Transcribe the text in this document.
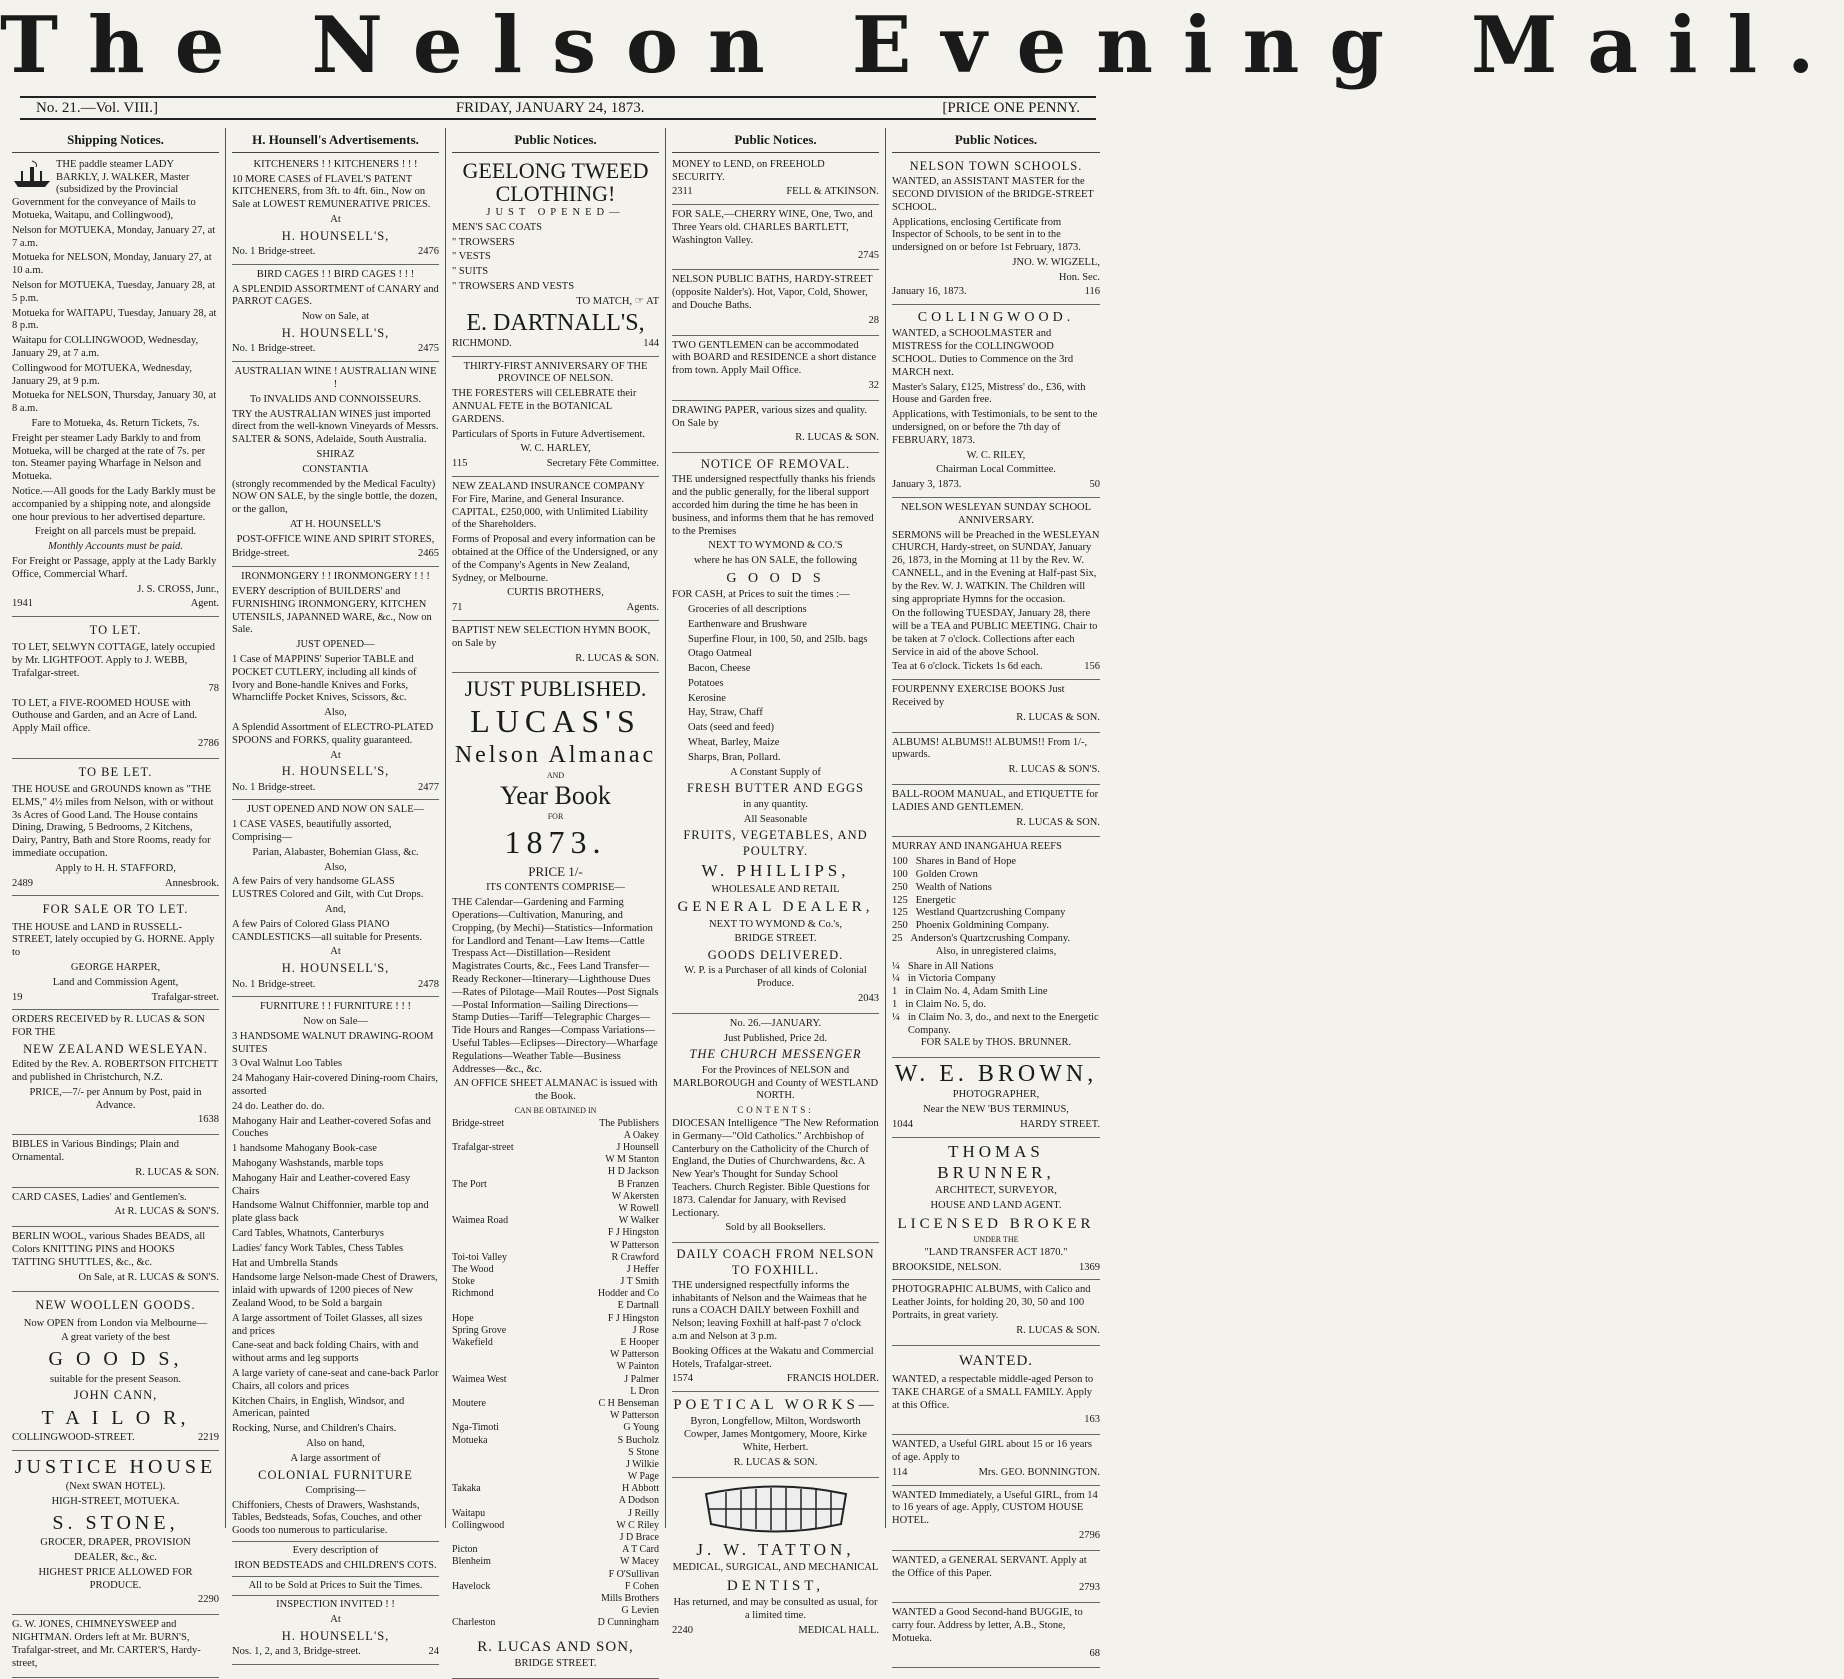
The Nelson Evening Mail.
No. 21.—Vol. VIII.]	FRIDAY, JANUARY 24, 1873.	[PRICE ONE PENNY.
Shipping Notices.

THE paddle steamer LADY BARKLY, J. WALKER, Master (subsidized by the Provincial Government for the conveyance of Mails to Motueka, Waitapu, and Collingwood),

Nelson for MOTUEKA, Monday, January 27, at 7 a.m.

Motueka for NELSON, Monday, January 27, at 10 a.m.

Nelson for MOTUEKA, Tuesday, January 28, at 5 p.m.

Motueka for WAITAPU, Tuesday, January 28, at 8 p.m.

Waitapu for COLLINGWOOD, Wednesday, January 29, at 7 a.m.

Collingwood for MOTUEKA, Wednesday, January 29, at 9 p.m.

Motueka for NELSON, Thursday, January 30, at 8 a.m.

Fare to Motueka, 4s. Return Tickets, 7s.

Freight per steamer Lady Barkly to and from Motueka, will be charged at the rate of 7s. per ton. Steamer paying Wharfage in Nelson and Motueka.

Notice.—All goods for the Lady Barkly must be accompanied by a shipping note, and alongside one hour previous to her advertised departure.

Freight on all parcels must be prepaid.

Monthly Accounts must be paid.

For Freight or Passage, apply at the Lady Barkly Office, Commercial Wharf.

J. S. CROSS, Junr.,

1941	Agent.
TO LET.

TO LET, SELWYN COTTAGE, lately occupied by Mr. LIGHTFOOT. Apply to J. WEBB, Trafalgar-street.

78

TO LET, a FIVE-ROOMED HOUSE with Outhouse and Garden, and an Acre of Land. Apply Mail office.

2786

TO BE LET.

THE HOUSE and GROUNDS known as "THE ELMS," 4½ miles from Nelson, with or without 3s Acres of Good Land. The House contains Dining, Drawing, 5 Bedrooms, 2 Kitchens, Dairy, Pantry, Bath and Store Rooms, ready for immediate occupation.

Apply to H. H. STAFFORD,

2489	Annesbrook.
FOR SALE OR TO LET.

THE HOUSE and LAND in RUSSELL-STREET, lately occupied by G. HORNE. Apply to

GEORGE HARPER,

Land and Commission Agent,

19	Trafalgar-street.

ORDERS RECEIVED by R. LUCAS & SON FOR THE

NEW ZEALAND WESLEYAN.

Edited by the Rev. A. ROBERTSON FITCHETT and published in Christchurch, N.Z.

PRICE,—7/- per Annum by Post, paid in Advance.

1638

BIBLES in Various Bindings; Plain and Ornamental.

R. LUCAS & SON.

CARD CASES, Ladies' and Gentlemen's.

At R. LUCAS & SON'S.

BERLIN WOOL, various Shades BEADS, all Colors KNITTING PINS and HOOKS TATTING SHUTTLES, &c., &c.

On Sale, at R. LUCAS & SON'S.

NEW WOOLLEN GOODS.

Now OPEN from London via Melbourne—

A great variety of the best

G O O D S,

suitable for the present Season.

JOHN CANN,

T A I L O R,

COLLINGWOOD-STREET.	2219

JUSTICE HOUSE

(Next SWAN HOTEL).

HIGH-STREET, MOTUEKA.

S. STONE,

GROCER, DRAPER, PROVISION

DEALER, &c., &c.

HIGHEST PRICE ALLOWED FOR PRODUCE.

2290

G. W. JONES, CHIMNEYSWEEP and NIGHTMAN. Orders left at Mr. BURN'S, Trafalgar-street, and Mr. CARTER'S, Hardy-street,

H. Hounsell's Advertisements.

KITCHENERS ! ! KITCHENERS ! ! !

10 MORE CASES of FLAVEL'S PATENT KITCHENERS, from 3ft. to 4ft. 6in., Now on Sale at LOWEST REMUNERATIVE PRICES.

At

H. HOUNSELL'S,

No. 1 Bridge-street.	2476

BIRD CAGES ! ! BIRD CAGES ! ! !

A SPLENDID ASSORTMENT of CANARY and PARROT CAGES.

Now on Sale, at

H. HOUNSELL'S,

No. 1 Bridge-street.	2475

AUSTRALIAN WINE ! AUSTRALIAN WINE !

To INVALIDS AND CONNOISSEURS.

TRY the AUSTRALIAN WINES just imported direct from the well-known Vineyards of Messrs. SALTER & SONS, Adelaide, South Australia.

SHIRAZ

CONSTANTIA

(strongly recommended by the Medical Faculty) NOW ON SALE, by the single bottle, the dozen, or the gallon,

AT H. HOUNSELL'S

POST-OFFICE WINE AND SPIRIT STORES,

Bridge-street.	2465

IRONMONGERY ! ! IRONMONGERY ! ! !

EVERY description of BUILDERS' and FURNISHING IRONMONGERY, KITCHEN UTENSILS, JAPANNED WARE, &c., Now on Sale.

JUST OPENED—

1 Case of MAPPINS' Superior TABLE and POCKET CUTLERY, including all kinds of Ivory and Bone-handle Knives and Forks, Wharncliffe Pocket Knives, Scissors, &c.

Also,

A Splendid Assortment of ELECTRO-PLATED SPOONS and FORKS, quality guaranteed.

At

H. HOUNSELL'S,

No. 1 Bridge-street.	2477

JUST OPENED AND NOW ON SALE—

1 CASE VASES, beautifully assorted, Comprising—

Parian, Alabaster, Bohemian Glass, &c.

Also,

A few Pairs of very handsome GLASS LUSTRES Colored and Gilt, with Cut Drops.

And,

A few Pairs of Colored Glass PIANO CANDLESTICKS—all suitable for Presents.

At

H. HOUNSELL'S,

No. 1 Bridge-street.	2478

FURNITURE ! ! FURNITURE ! ! !

Now on Sale—

3 HANDSOME WALNUT DRAWING-ROOM SUITES

3 Oval Walnut Loo Tables

24 Mahogany Hair-covered Dining-room Chairs, assorted

24 do. Leather do. do.

Mahogany Hair and Leather-covered Sofas and Couches

1 handsome Mahogany Book-case

Mahogany Washstands, marble tops

Mahogany Hair and Leather-covered Easy Chairs

Handsome Walnut Chiffonnier, marble top and plate glass back

Card Tables, Whatnots, Canterburys

Ladies' fancy Work Tables, Chess Tables

Hat and Umbrella Stands

Handsome large Nelson-made Chest of Drawers, inlaid with upwards of 1200 pieces of New Zealand Wood, to be Sold a bargain

A large assortment of Toilet Glasses, all sizes and prices

Cane-seat and back folding Chairs, with and without arms and leg supports

A large variety of cane-seat and cane-back Parlor Chairs, all colors and prices

Kitchen Chairs, in English, Windsor, and American, painted

Rocking, Nurse, and Children's Chairs.

Also on hand,

A large assortment of

COLONIAL FURNITURE

Comprising—

Chiffoniers, Chests of Drawers, Washstands, Tables, Bedsteads, Sofas, Couches, and other Goods too numerous to particularise.

Every description of

IRON BEDSTEADS and CHILDREN'S COTS.

All to be Sold at Prices to Suit the Times.

INSPECTION INVITED ! !

At

H. HOUNSELL'S,

Nos. 1, 2, and 3, Bridge-street.	24
Public Notices.

GEELONG TWEED CLOTHING!

JUST OPENED—

MEN'S SAC COATS

" TROWSERS

" VESTS

" SUITS

" TROWSERS AND VESTS

TO MATCH, ☞ AT

E. DARTNALL'S,

RICHMOND.	144

THIRTY-FIRST ANNIVERSARY OF THE PROVINCE OF NELSON.

THE FORESTERS will CELEBRATE their ANNUAL FETE in the BOTANICAL GARDENS.

Particulars of Sports in Future Advertisement.

W. C. HARLEY,

115	Secretary Fête Committee.

NEW ZEALAND INSURANCE COMPANY For Fire, Marine, and General Insurance. CAPITAL, £250,000, with Unlimited Liability of the Shareholders.

Forms of Proposal and every information can be obtained at the Office of the Undersigned, or any of the Company's Agents in New Zealand, Sydney, or Melbourne.

CURTIS BROTHERS,

71	Agents.

BAPTIST NEW SELECTION HYMN BOOK, on Sale by

R. LUCAS & SON.

JUST PUBLISHED.

LUCAS'S

Nelson Almanac

AND

Year Book

FOR

1873.

PRICE 1/-

ITS CONTENTS COMPRISE—

THE Calendar—Gardening and Farming Operations—Cultivation, Manuring, and Cropping, (by Mechi)—Statistics—Information for Landlord and Tenant—Law Items—Cattle Trespass Act—Distillation—Resident Magistrates Courts, &c., Fees Land Transfer—Ready Reckoner—Itinerary—Lighthouse Dues—Rates of Pilotage—Mail Routes—Post Signals—Postal Information—Sailing Directions—Stamp Duties—Tariff—Telegraphic Charges—Tide Hours and Ranges—Compass Variations—Useful Tables—Eclipses—Directory—Wharfage Regulations—Weather Table—Business Addresses—&c., &c.

AN OFFICE SHEET ALMANAC is issued with the Book.

CAN BE OBTAINED IN

Bridge-street	The Publishers
A Oakey
Trafalgar-street	J Hounsell
W M Stanton
H D Jackson
The Port	B Franzen
W Akersten
W Rowell
Waimea Road	W Walker
F J Hingston
W Patterson
Toi-toi Valley	R Crawford
The Wood	J Heffer
Stoke	J T Smith
Richmond	Hodder and Co
E Dartnall
Hope	F J Hingston
Spring Grove	J Rose
Wakefield	E Hooper
W Patterson
W Painton
Waimea West	J Palmer
L Dron
Moutere	C H Benseman
W Patterson
Nga-Timoti	G Young
Motueka	S Bucholz
S Stone
J Wilkie
W Page
Takaka	H Abbott
A Dodson
Waitapu	J Reilly
Collingwood	W C Riley
J D Brace
Picton	A T Card
Blenheim	W Macey
F O'Sullivan
Havelock	F Cohen
Mills Brothers
G Levien
Charleston	D Cunningham

R. LUCAS AND SON,

BRIDGE STREET.

Public Notices.

MONEY to LEND, on FREEHOLD SECURITY.

2311	FELL & ATKINSON.

FOR SALE,—CHERRY WINE, One, Two, and Three Years old. CHARLES BARTLETT, Washington Valley.

2745

NELSON PUBLIC BATHS, HARDY-STREET (opposite Nalder's). Hot, Vapor, Cold, Shower, and Douche Baths.

28

TWO GENTLEMEN can be accommodated with BOARD and RESIDENCE a short distance from town. Apply Mail Office.

32

DRAWING PAPER, various sizes and quality. On Sale by

R. LUCAS & SON.

NOTICE OF REMOVAL.

THE undersigned respectfully thanks his friends and the public generally, for the liberal support accorded him during the time he has been in business, and informs them that he has removed to the Premises

NEXT TO WYMOND & CO.'S

where he has ON SALE, the following

G O O D S

FOR CASH, at Prices to suit the times :—

Groceries of all descriptions

Earthenware and Brushware

Superfine Flour, in 100, 50, and 25lb. bags

Otago Oatmeal

Bacon, Cheese

Potatoes

Kerosine

Hay, Straw, Chaff

Oats (seed and feed)

Wheat, Barley, Maize

Sharps, Bran, Pollard.

A Constant Supply of

FRESH BUTTER AND EGGS

in any quantity.

All Seasonable

FRUITS, VEGETABLES, AND POULTRY.

W. PHILLIPS,

WHOLESALE AND RETAIL

GENERAL DEALER,

NEXT TO WYMOND & Co.'s,

BRIDGE STREET.

GOODS DELIVERED.

W. P. is a Purchaser of all kinds of Colonial Produce.

2043

No. 26.—JANUARY.

Just Published, Price 2d.

THE CHURCH MESSENGER

For the Provinces of NELSON and MARLBOROUGH and County of WESTLAND NORTH.

CONTENTS:

DIOCESAN Intelligence "The New Reformation in Germany—"Old Catholics." Archbishop of Canterbury on the Catholicity of the Church of England, the Duties of Churchwardens, &c. A New Year's Thought for Sunday School Teachers. Church Register. Bible Questions for 1873. Calendar for January, with Revised Lectionary.

Sold by all Booksellers.

DAILY COACH FROM NELSON TO FOXHILL.

THE undersigned respectfully informs the inhabitants of Nelson and the Waimeas that he runs a COACH DAILY between Foxhill and Nelson; leaving Foxhill at half-past 7 o'clock a.m and Nelson at 3 p.m.

Booking Offices at the Wakatu and Commercial Hotels, Trafalgar-street.

1574	FRANCIS HOLDER.

POETICAL WORKS—

Byron, Longfellow, Milton, Wordsworth Cowper, James Montgomery, Moore, Kirke White, Herbert.

R. LUCAS & SON.

J. W. TATTON,

MEDICAL, SURGICAL, AND MECHANICAL

DENTIST,

Has returned, and may be consulted as usual, for a limited time.

2240	MEDICAL HALL.
Public Notices.

NELSON TOWN SCHOOLS.

WANTED, an ASSISTANT MASTER for the SECOND DIVISION of the BRIDGE-STREET SCHOOL.

Applications, enclosing Certificate from Inspector of Schools, to be sent in to the undersigned on or before 1st February, 1873.

JNO. W. WIGZELL,

Hon. Sec.

January 16, 1873.	116

COLLINGWOOD.

WANTED, a SCHOOLMASTER and MISTRESS for the COLLINGWOOD SCHOOL. Duties to Commence on the 3rd MARCH next.

Master's Salary, £125, Mistress' do., £36, with House and Garden free.

Applications, with Testimonials, to be sent to the undersigned, on or before the 7th day of FEBRUARY, 1873.

W. C. RILEY,

Chairman Local Committee.

January 3, 1873.	50

NELSON WESLEYAN SUNDAY SCHOOL ANNIVERSARY.

SERMONS will be Preached in the WESLEYAN CHURCH, Hardy-street, on SUNDAY, January 26, 1873, in the Morning at 11 by the Rev. W. CANNELL, and in the Evening at Half-past Six, by the Rev. W. J. WATKIN. The Children will sing appropriate Hymns for the occasion.

On the following TUESDAY, January 28, there will be a TEA and PUBLIC MEETING. Chair to be taken at 7 o'clock. Collections after each Service in aid of the above School.

Tea at 6 o'clock. Tickets 1s 6d each.	156

FOURPENNY EXERCISE BOOKS Just Received by

R. LUCAS & SON.

ALBUMS! ALBUMS!! ALBUMS!! From 1/-, upwards.

R. LUCAS & SON'S.

BALL-ROOM MANUAL, and ETIQUETTE for LADIES AND GENTLEMEN.

R. LUCAS & SON.

MURRAY AND INANGAHUA REEFS

100 Shares in Band of Hope
100 Golden Crown
250 Wealth of Nations
125 Energetic
125 Westland Quartzcrushing Company
250 Phoenix Goldmining Company.
25 Anderson's Quartzcrushing Company.

Also, in unregistered claims,

¼ Share in All Nations
¼ in Victoria Company
1 in Claim No. 4, Adam Smith Line
1 in Claim No. 5, do.
¼ in Claim No. 3, do., and next to the Energetic Company.

FOR SALE by THOS. BRUNNER.

W. E. BROWN,

PHOTOGRAPHER,

Near the NEW 'BUS TERMINUS,

1044	HARDY STREET.

THOMAS BRUNNER,

ARCHITECT, SURVEYOR,

HOUSE AND LAND AGENT.

LICENSED BROKER

UNDER THE

"LAND TRANSFER ACT 1870."

BROOKSIDE, NELSON.	1369

PHOTOGRAPHIC ALBUMS, with Calico and Leather Joints, for holding 20, 30, 50 and 100 Portraits, in great variety.

R. LUCAS & SON.

WANTED.

WANTED, a respectable middle-aged Person to TAKE CHARGE of a SMALL FAMILY. Apply at this Office.

163

WANTED, a Useful GIRL about 15 or 16 years of age. Apply to

114	Mrs. GEO. BONNINGTON.

WANTED Immediately, a Useful GIRL, from 14 to 16 years of age. Apply, CUSTOM HOUSE HOTEL.

2796

WANTED, a GENERAL SERVANT. Apply at the Office of this Paper.

2793

WANTED a Good Second-hand BUGGIE, to carry four. Address by letter, A.B., Stone, Motueka.

68
